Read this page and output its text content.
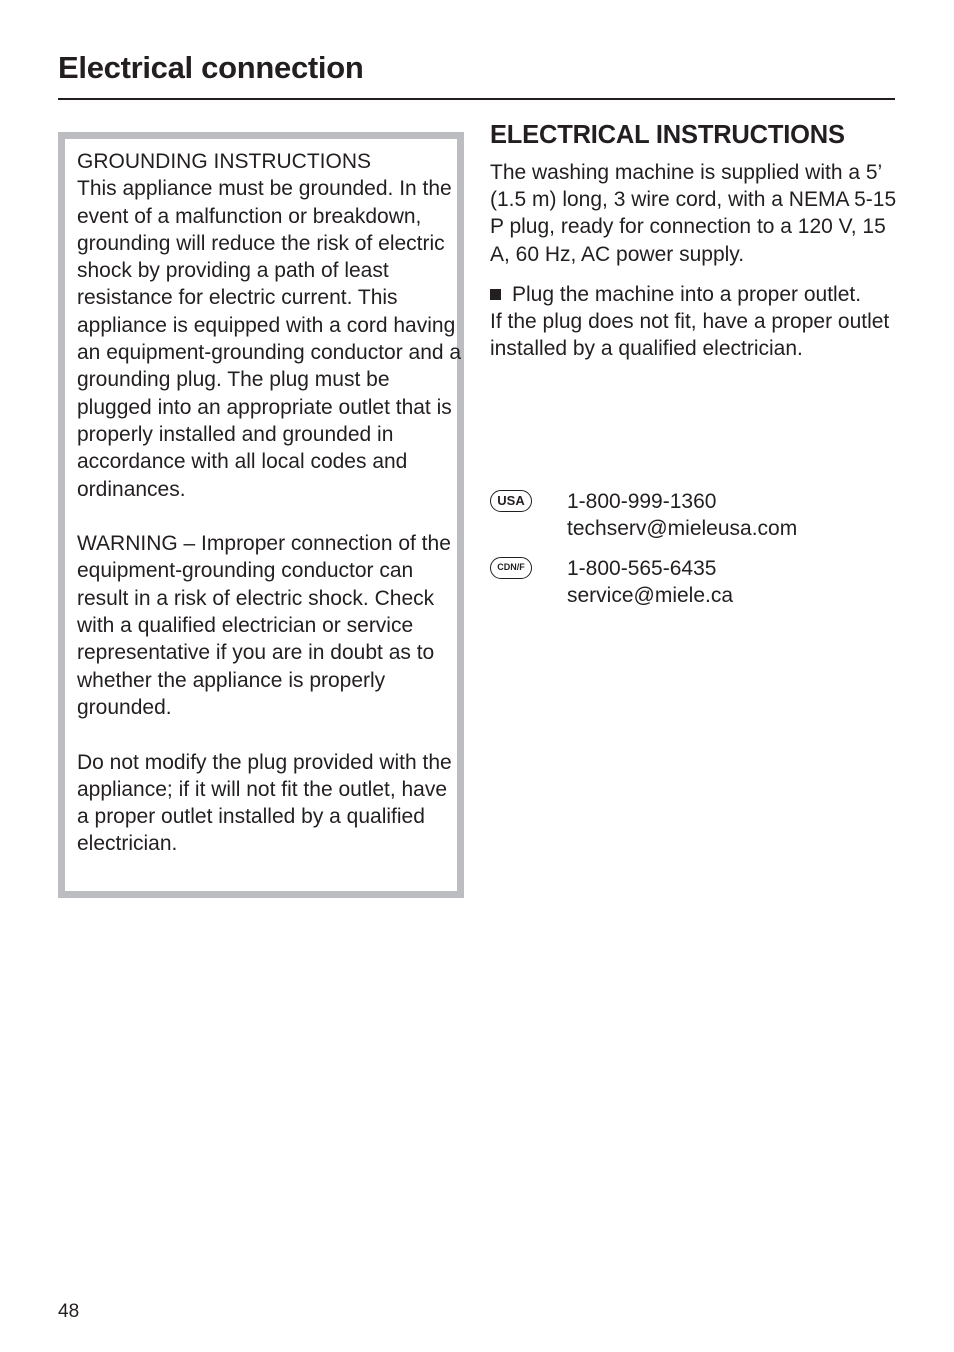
Electrical connection

GROUNDING INSTRUCTIONS
This appliance must be grounded. In the event of a malfunction or breakdown, grounding will reduce the risk of electric shock by providing a path of least resistance for electric current. This appliance is equipped with a cord having an equipment-grounding conductor and a grounding plug. The plug must be plugged into an appropriate outlet that is properly installed and grounded in accordance with all local codes and ordinances.

WARNING – Improper connection of the equipment-grounding conductor can result in a risk of electric shock. Check with a qualified electrician or service representative if you are in doubt as to whether the appliance is properly grounded.

Do not modify the plug provided with the appliance; if it will not fit the outlet, have a proper outlet installed by a qualified electrician.

ELECTRICAL INSTRUCTIONS

The washing machine is supplied with a 5’ (1.5 m) long, 3 wire cord, with a NEMA 5-15 P plug, ready for connection to a 120 V, 15 A, 60 Hz, AC power supply.

Plug the machine into a proper outlet.

If the plug does not fit, have a proper outlet installed by a qualified electrician.

USA	1-800-999-1360
techserv@mieleusa.com
CDN/F	1-800-565-6435
service@miele.ca
48
